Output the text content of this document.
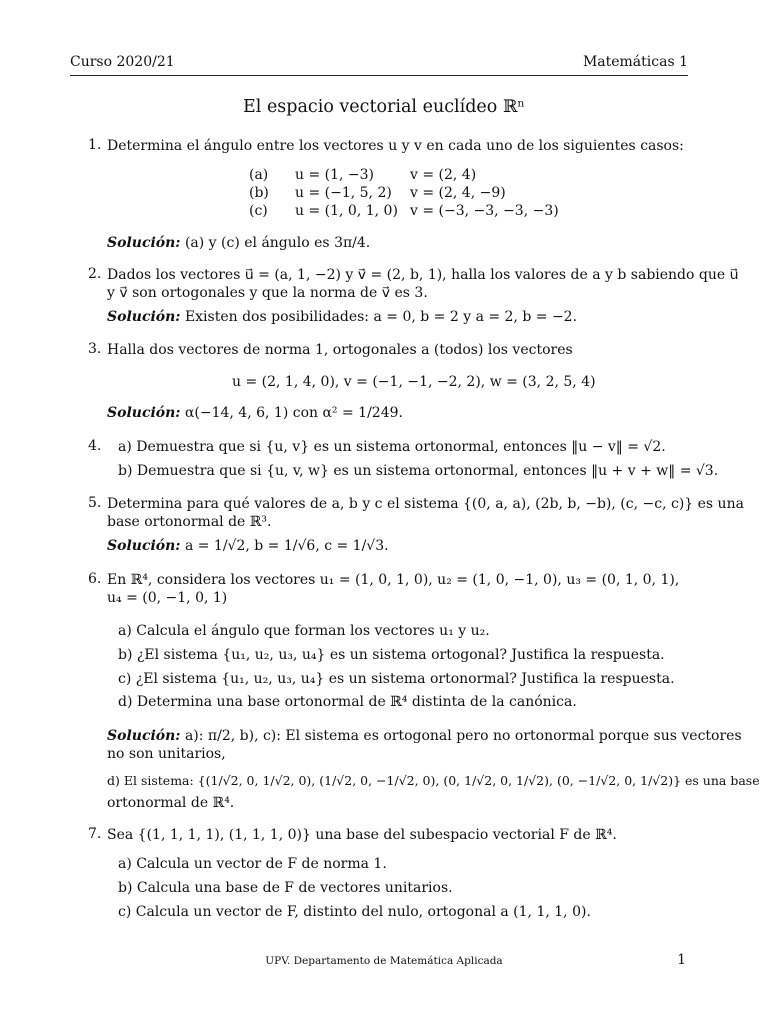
Curso 2020/21	Matemáticas 1
El espacio vectorial euclídeo ℝⁿ
1. Determina el ángulo entre los vectores u y v en cada uno de los siguientes casos:
(a)
(b)
(c)
u = (1, −3)
u = (−1, 5, 2)
u = (1, 0, 1, 0)
v = (2, 4)
v = (2, 4, −9)
v = (−3, −3, −3, −3)
Solución: (a) y (c) el ángulo es 3π/4.
2. Dados los vectores u⃗ = (a, 1, −2) y v⃗ = (2, b, 1), halla los valores de a y b sabiendo que u⃗
y v⃗ son ortogonales y que la norma de v⃗ es 3.
Solución: Existen dos posibilidades: a = 0, b = 2 y a = 2, b = −2.
3. Halla dos vectores de norma 1, ortogonales a (todos) los vectores
u = (2, 1, 4, 0), v = (−1, −1, −2, 2), w = (3, 2, 5, 4)
Solución: α(−14, 4, 6, 1) con α² = 1/249.
4. a) Demuestra que si {u, v} es un sistema ortonormal, entonces ‖u − v‖ = √2.
b) Demuestra que si {u, v, w} es un sistema ortonormal, entonces ‖u + v + w‖ = √3.
5. Determina para qué valores de a, b y c el sistema {(0, a, a), (2b, b, −b), (c, −c, c)} es una
base ortonormal de ℝ³.
Solución: a = 1/√2, b = 1/√6, c = 1/√3.
6. En ℝ⁴, considera los vectores u₁ = (1, 0, 1, 0), u₂ = (1, 0, −1, 0), u₃ = (0, 1, 0, 1),
u₄ = (0, −1, 0, 1)
a) Calcula el ángulo que forman los vectores u₁ y u₂.
b) ¿El sistema {u₁, u₂, u₃, u₄} es un sistema ortogonal? Justifica la respuesta.
c) ¿El sistema {u₁, u₂, u₃, u₄} es un sistema ortonormal? Justifica la respuesta.
d) Determina una base ortonormal de ℝ⁴ distinta de la canónica.
Solución: a): π/2, b), c): El sistema es ortogonal pero no ortonormal porque sus vectores
no son unitarios,
d) El sistema: {(1/√2, 0, 1/√2, 0), (1/√2, 0, −1/√2, 0), (0, 1/√2, 0, 1/√2), (0, −1/√2, 0, 1/√2)} es una base
ortonormal de ℝ⁴.
7. Sea {(1, 1, 1, 1), (1, 1, 1, 0)} una base del subespacio vectorial F de ℝ⁴.
a) Calcula un vector de F de norma 1.
b) Calcula una base de F de vectores unitarios.
c) Calcula un vector de F, distinto del nulo, ortogonal a (1, 1, 1, 0).
UPV. Departamento de Matemática Aplicada	1
